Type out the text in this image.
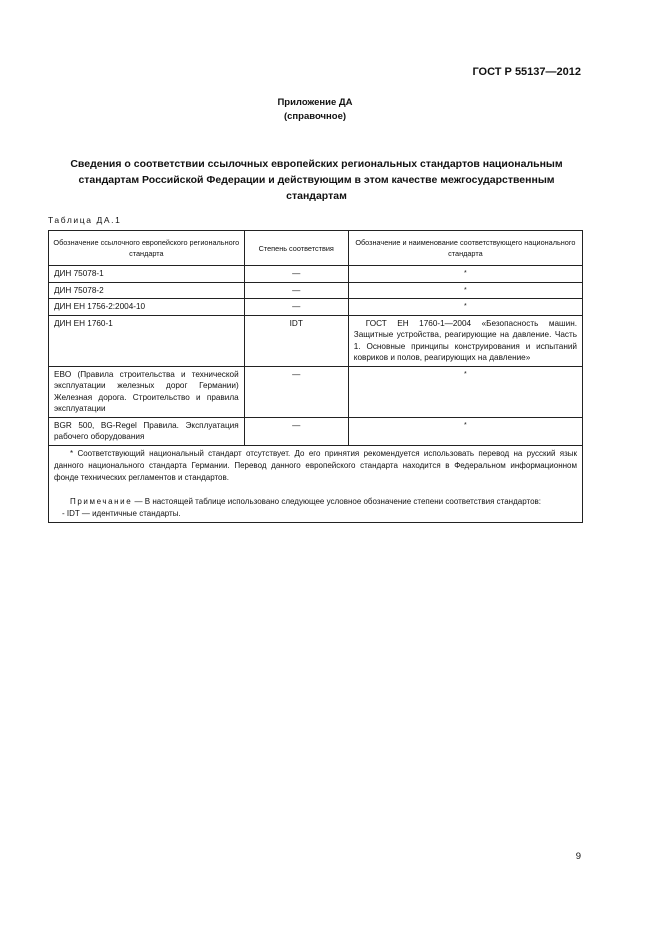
ГОСТ Р 55137—2012
Приложение ДА
(справочное)
Сведения о соответствии ссылочных европейских региональных стандартов национальным стандартам Российской Федерации и действующим в этом качестве межгосударственным стандартам
Таблица ДА.1
Обозначение ссылочного европейского регионального стандарта	Степень соответствия	Обозначение и наименование соответствующего национального стандарта
ДИН 75078-1	—	*
ДИН 75078-2	—	*
ДИН ЕН 1756-2:2004-10	—	*
ДИН ЕН 1760-1	IDT	ГОСТ ЕН 1760-1—2004 «Безопасность машин. Защитные устройства, реагирующие на давление. Часть 1. Основные принципы конструирования и испытаний ковриков и полов, реагирующих на давление»
EBO (Правила строительства и технической эксплуатации железных дорог Германии) Железная дорога. Строительство и правила эксплуатации	—	*
BGR 500, BG-Regel Правила. Эксплуатация рабочего оборудования	—	*

* Соответствующий национальный стандарт отсутствует. До его принятия рекомендуется использовать перевод на русский язык данного национального стандарта Германии. Перевод данного европейского стандарта находится в Федеральном информационном фонде технических регламентов и стандартов.
Примечание — В настоящей таблице использовано следующее условное обозначение степени соответствия стандартов:
- IDT — идентичные стандарты.		
9
